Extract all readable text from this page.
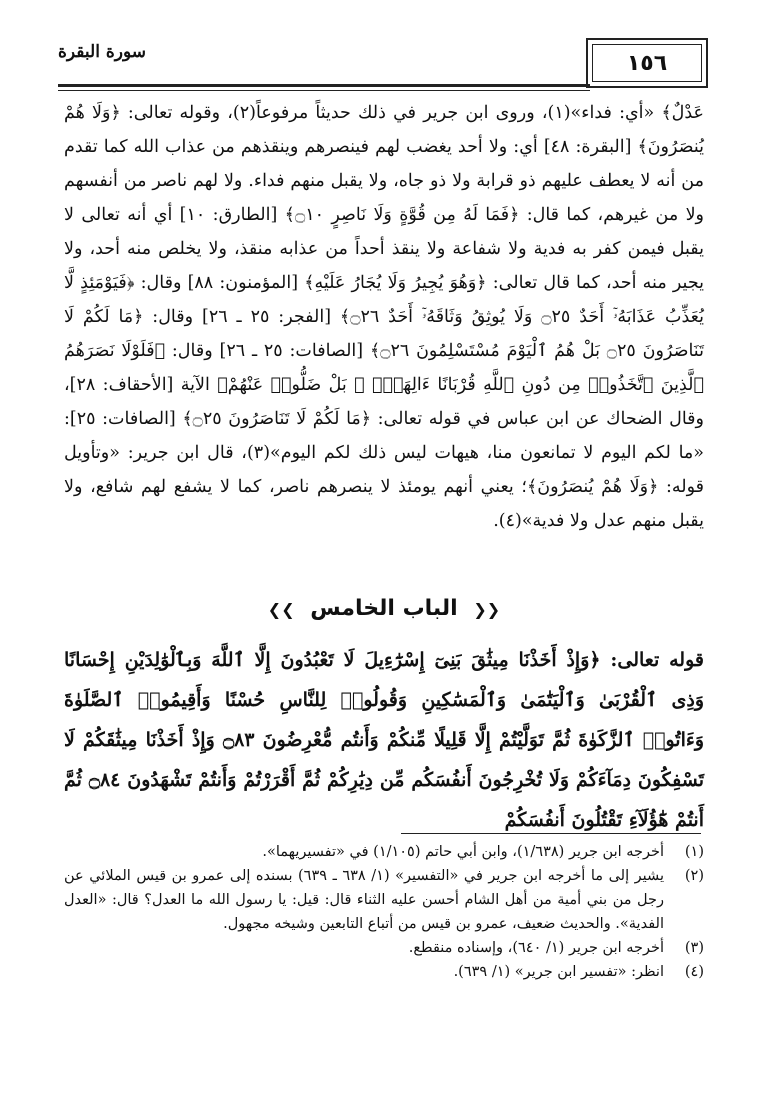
١٥٦
سورة البقرة

عَدْلٌ﴾ «أي: فداء»(١)، وروى ابن جرير في ذلك حديثاً مرفوعاً(٢)، وقوله تعالى: ﴿وَلَا هُمْ يُنصَرُونَ﴾ [البقرة: ٤٨] أي: ولا أحد يغضب لهم فينصرهم وينقذهم من عذاب الله كما تقدم من أنه لا يعطف عليهم ذو قرابة ولا ذو جاه، ولا يقبل منهم فداء. ولا لهم ناصر من أنفسهم ولا من غيرهم، كما قال: ﴿فَمَا لَهُ مِن قُوَّةٍ وَلَا نَاصِرٍ ۝١٠﴾ [الطارق: ١٠] أي أنه تعالى لا يقبل فيمن كفر به فدية ولا شفاعة ولا ينقذ أحداً من عذابه منقذ، ولا يخلص منه أحد، ولا يجير منه أحد، كما قال تعالى: ﴿وَهُوَ يُجِيرُ وَلَا يُجَارُ عَلَيْهِ﴾ [المؤمنون: ٨٨] وقال: ﴿فَيَوْمَئِذٍ لَّا يُعَذِّبُ عَذَابَهُۥٓ أَحَدٌ ۝٢٥ وَلَا يُوثِقُ وَثَاقَهُۥٓ أَحَدٌ ۝٢٦﴾ [الفجر: ٢٥ ـ ٢٦] وقال: ﴿مَا لَكُمْ لَا تَنَاصَرُونَ ۝٢٥ بَلْ هُمُ ٱلْيَوْمَ مُسْتَسْلِمُونَ ۝٢٦﴾ [الصافات: ٢٥ ـ ٢٦] وقال: ﴿فَلَوْلَا نَصَرَهُمُ ٱلَّذِينَ ٱتَّخَذُوا۟ مِن دُونِ ٱللَّهِ قُرْبَانًا ءَالِهَةًۢ ۖ بَلْ ضَلُّوا۟ عَنْهُمْ﴾ الآية [الأحقاف: ٢٨]، وقال الضحاك عن ابن عباس في قوله تعالى: ﴿مَا لَكُمْ لَا تَنَاصَرُونَ ۝٢٥﴾ [الصافات: ٢٥]: «ما لكم اليوم لا تمانعون منا، هيهات ليس ذلك لكم اليوم»(٣)، قال ابن جرير: «وتأويل قوله: ﴿وَلَا هُمْ يُنصَرُونَ﴾؛ يعني أنهم يومئذ لا ينصرهم ناصر، كما لا يشفع لهم شافع، ولا يقبل منهم عدل ولا فدية»(٤).

❮❮ الباب الخامس ❯❯

قوله تعالى: ﴿وَإِذْ أَخَذْنَا مِيثَٰقَ بَنِىٓ إِسْرَٰٓءِيلَ لَا تَعْبُدُونَ إِلَّا ٱللَّهَ وَبِٱلْوَٰلِدَيْنِ إِحْسَانًا وَذِى ٱلْقُرْبَىٰ وَٱلْيَتَٰمَىٰ وَٱلْمَسَٰكِينِ وَقُولُوا۟ لِلنَّاسِ حُسْنًا وَأَقِيمُوا۟ ٱلصَّلَوٰةَ وَءَاتُوا۟ ٱلزَّكَوٰةَ ثُمَّ تَوَلَّيْتُمْ إِلَّا قَلِيلًا مِّنكُمْ وَأَنتُم مُّعْرِضُونَ ۝٨٣ وَإِذْ أَخَذْنَا مِيثَٰقَكُمْ لَا تَسْفِكُونَ دِمَآءَكُمْ وَلَا تُخْرِجُونَ أَنفُسَكُم مِّن دِيَٰرِكُمْ ثُمَّ أَقْرَرْتُمْ وَأَنتُمْ تَشْهَدُونَ ۝٨٤ ثُمَّ أَنتُمْ هَٰٓؤُلَآءِ تَقْتُلُونَ أَنفُسَكُمْ

(١)
أخرجه ابن جرير (١/٦٣٨)، وابن أبي حاتم (١/١٠٥) في «تفسيريهما».
(٢)
يشير إلى ما أخرجه ابن جرير في «التفسير» (١/ ٦٣٨ ـ ٦٣٩) بسنده إلى عمرو بن قيس الملائي عن رجل من بني أمية من أهل الشام أحسن عليه الثناء قال: قيل: يا رسول الله ما العدل؟ قال: «العدل الفدية». والحديث ضعيف، عمرو بن قيس من أتباع التابعين وشيخه مجهول.
(٣)
أخرجه ابن جرير (١/ ٦٤٠)، وإسناده منقطع.
(٤)
انظر: «تفسير ابن جرير» (١/ ٦٣٩).
